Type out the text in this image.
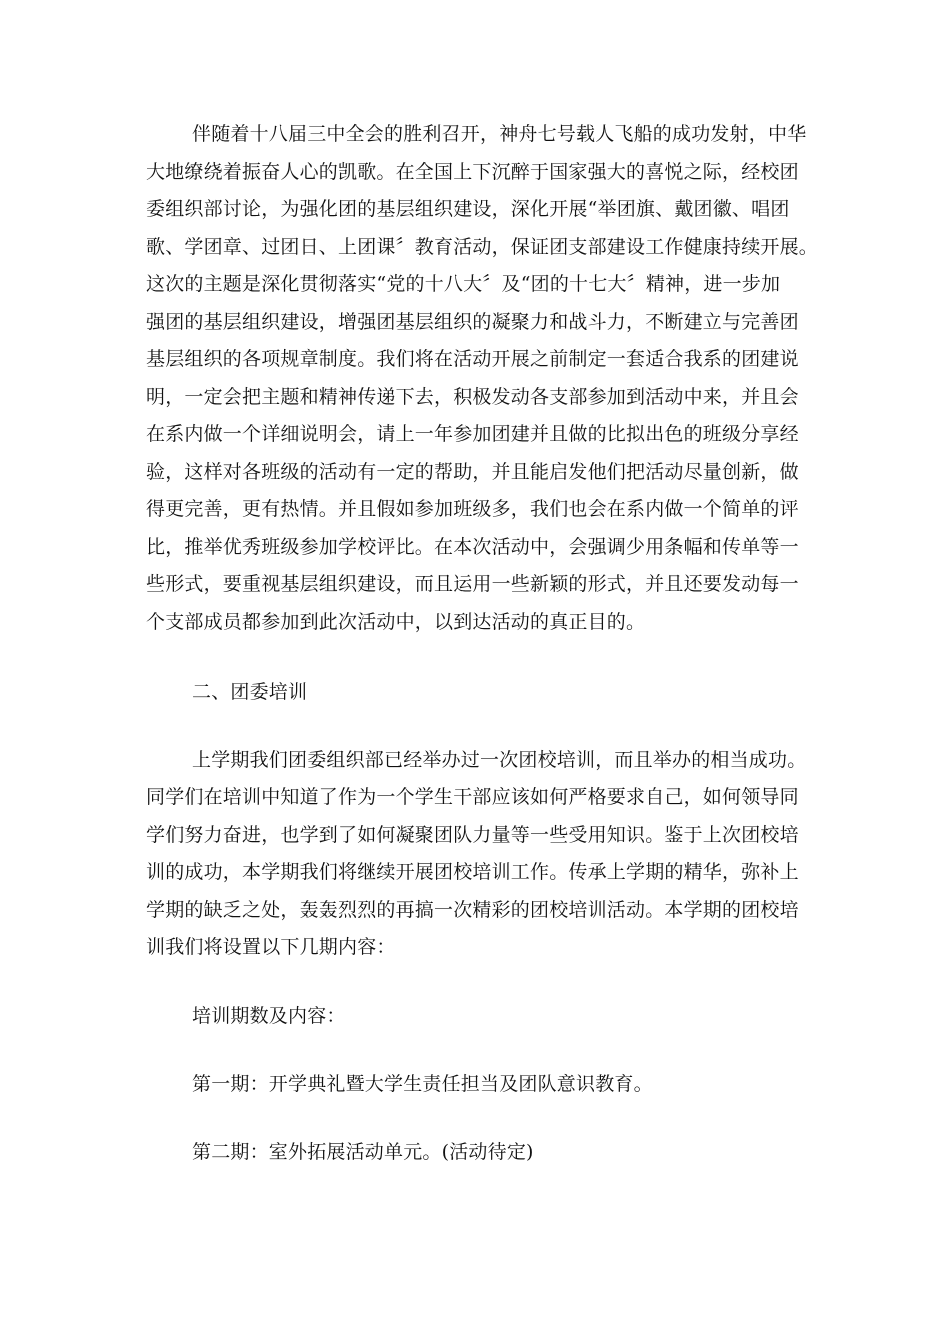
伴随着十八届三中全会的胜利召开，神舟七号载人飞船的成功发射，中华

大地缭绕着振奋人心的凯歌。在全国上下沉醉于国家强大的喜悦之际，经校团

委组织部讨论，为强化团的基层组织建设，深化开展“举团旗、戴团徽、唱团

歌、学团章、过团日、上团课〞教育活动，保证团支部建设工作健康持续开展。

这次的主题是深化贯彻落实“党的十八大〞及“团的十七大〞精神，进一步加

强团的基层组织建设，增强团基层组织的凝聚力和战斗力，不断建立与完善团

基层组织的各项规章制度。我们将在活动开展之前制定一套适合我系的团建说

明，一定会把主题和精神传递下去，积极发动各支部参加到活动中来，并且会

在系内做一个详细说明会，请上一年参加团建并且做的比拟出色的班级分享经

验，这样对各班级的活动有一定的帮助，并且能启发他们把活动尽量创新，做

得更完善，更有热情。并且假如参加班级多，我们也会在系内做一个简单的评

比，推举优秀班级参加学校评比。在本次活动中，会强调少用条幅和传单等一

些形式，要重视基层组织建设，而且运用一些新颖的形式，并且还要发动每一

个支部成员都参加到此次活动中，以到达活动的真正目的。

二、团委培训

上学期我们团委组织部已经举办过一次团校培训，而且举办的相当成功。

同学们在培训中知道了作为一个学生干部应该如何严格要求自己，如何领导同

学们努力奋进，也学到了如何凝聚团队力量等一些受用知识。鉴于上次团校培

训的成功，本学期我们将继续开展团校培训工作。传承上学期的精华，弥补上

学期的缺乏之处，轰轰烈烈的再搞一次精彩的团校培训活动。本学期的团校培

训我们将设置以下几期内容：

培训期数及内容：

第一期：开学典礼暨大学生责任担当及团队意识教育。

第二期：室外拓展活动单元。(活动待定)
